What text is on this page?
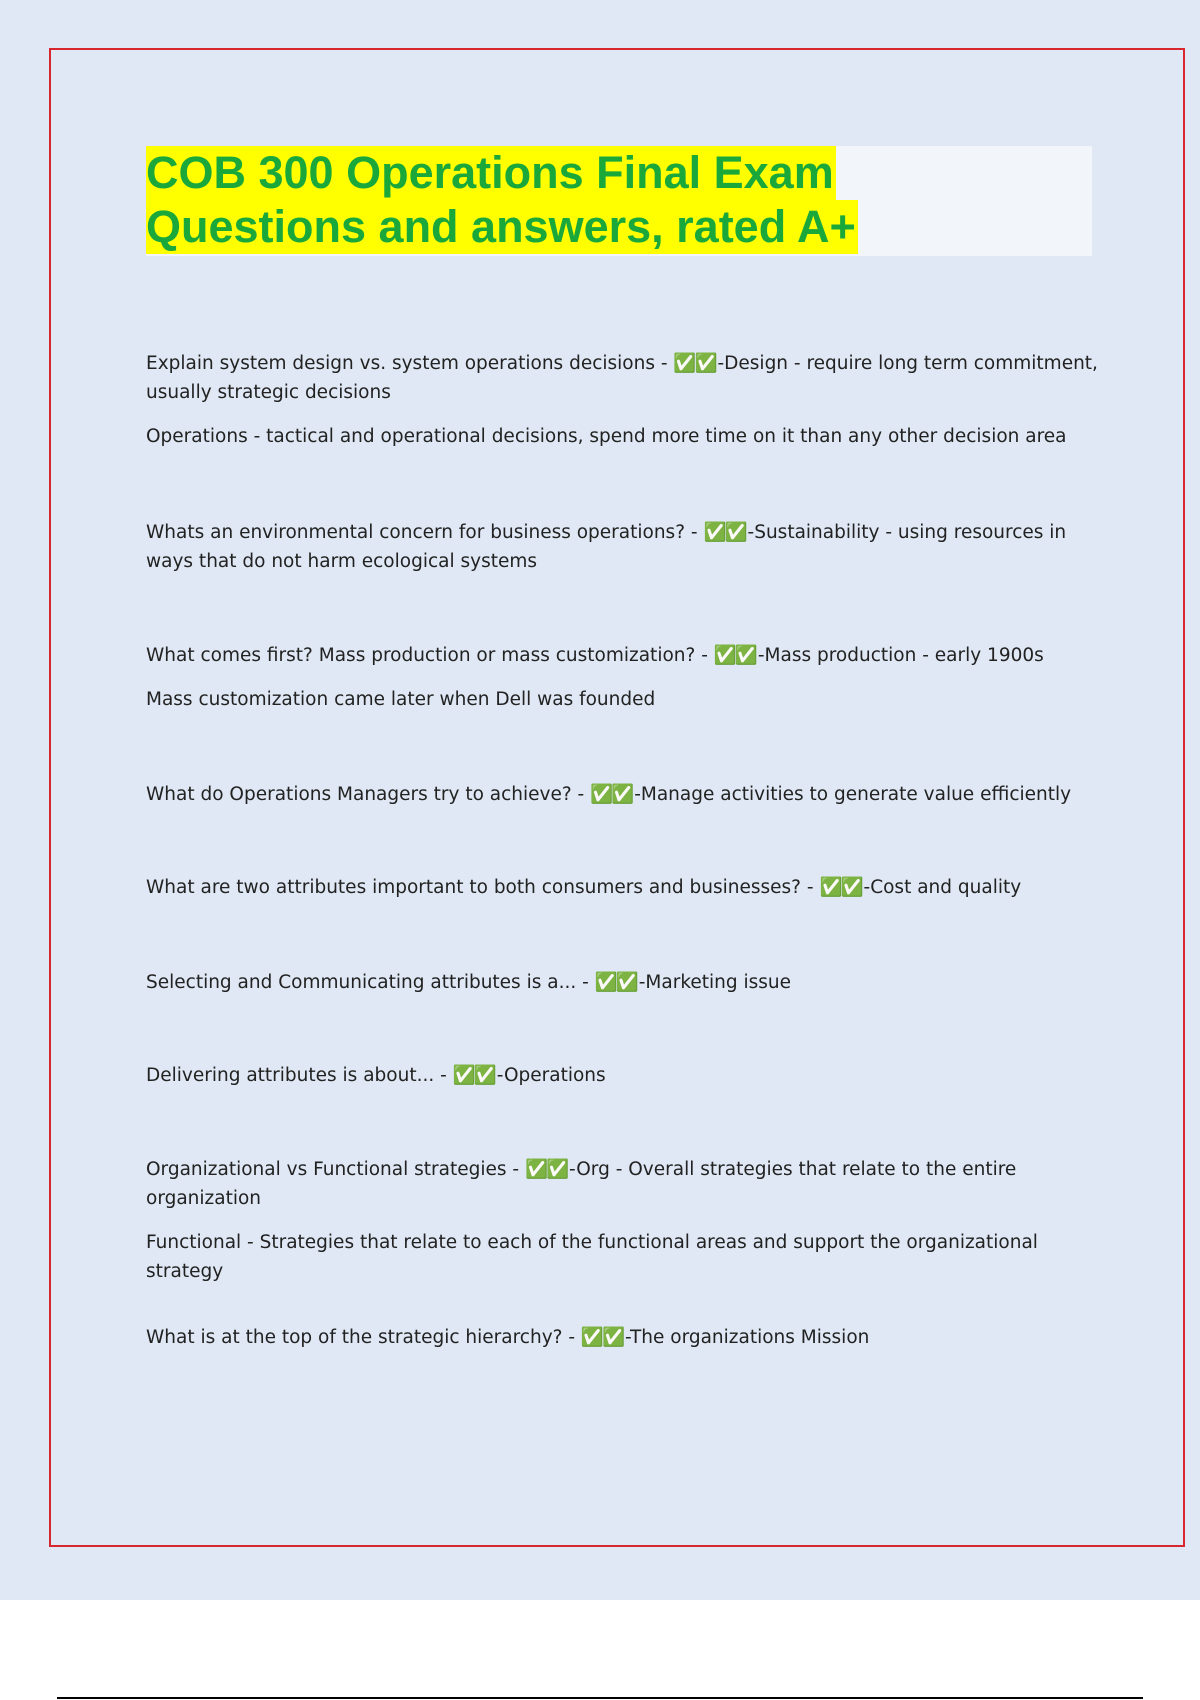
COB 300 Operations Final Exam
Questions and answers, rated A+

Explain system design vs. system operations decisions - ✅✅ -Design - require long term commitment, usually strategic decisions

Operations - tactical and operational decisions, spend more time on it than any other decision area

Whats an environmental concern for business operations? - ✅✅ -Sustainability - using resources in ways that do not harm ecological systems

What comes first? Mass production or mass customization? - ✅✅ -Mass production - early 1900s

Mass customization came later when Dell was founded

What do Operations Managers try to achieve? - ✅✅ -Manage activities to generate value efficiently

What are two attributes important to both consumers and businesses? - ✅✅ -Cost and quality

Selecting and Communicating attributes is a... - ✅✅ -Marketing issue

Delivering attributes is about... - ✅✅ -Operations

Organizational vs Functional strategies - ✅✅ -Org - Overall strategies that relate to the entire organization

Functional - Strategies that relate to each of the functional areas and support the organizational strategy

What is at the top of the strategic hierarchy? - ✅✅ -The organizations Mission
